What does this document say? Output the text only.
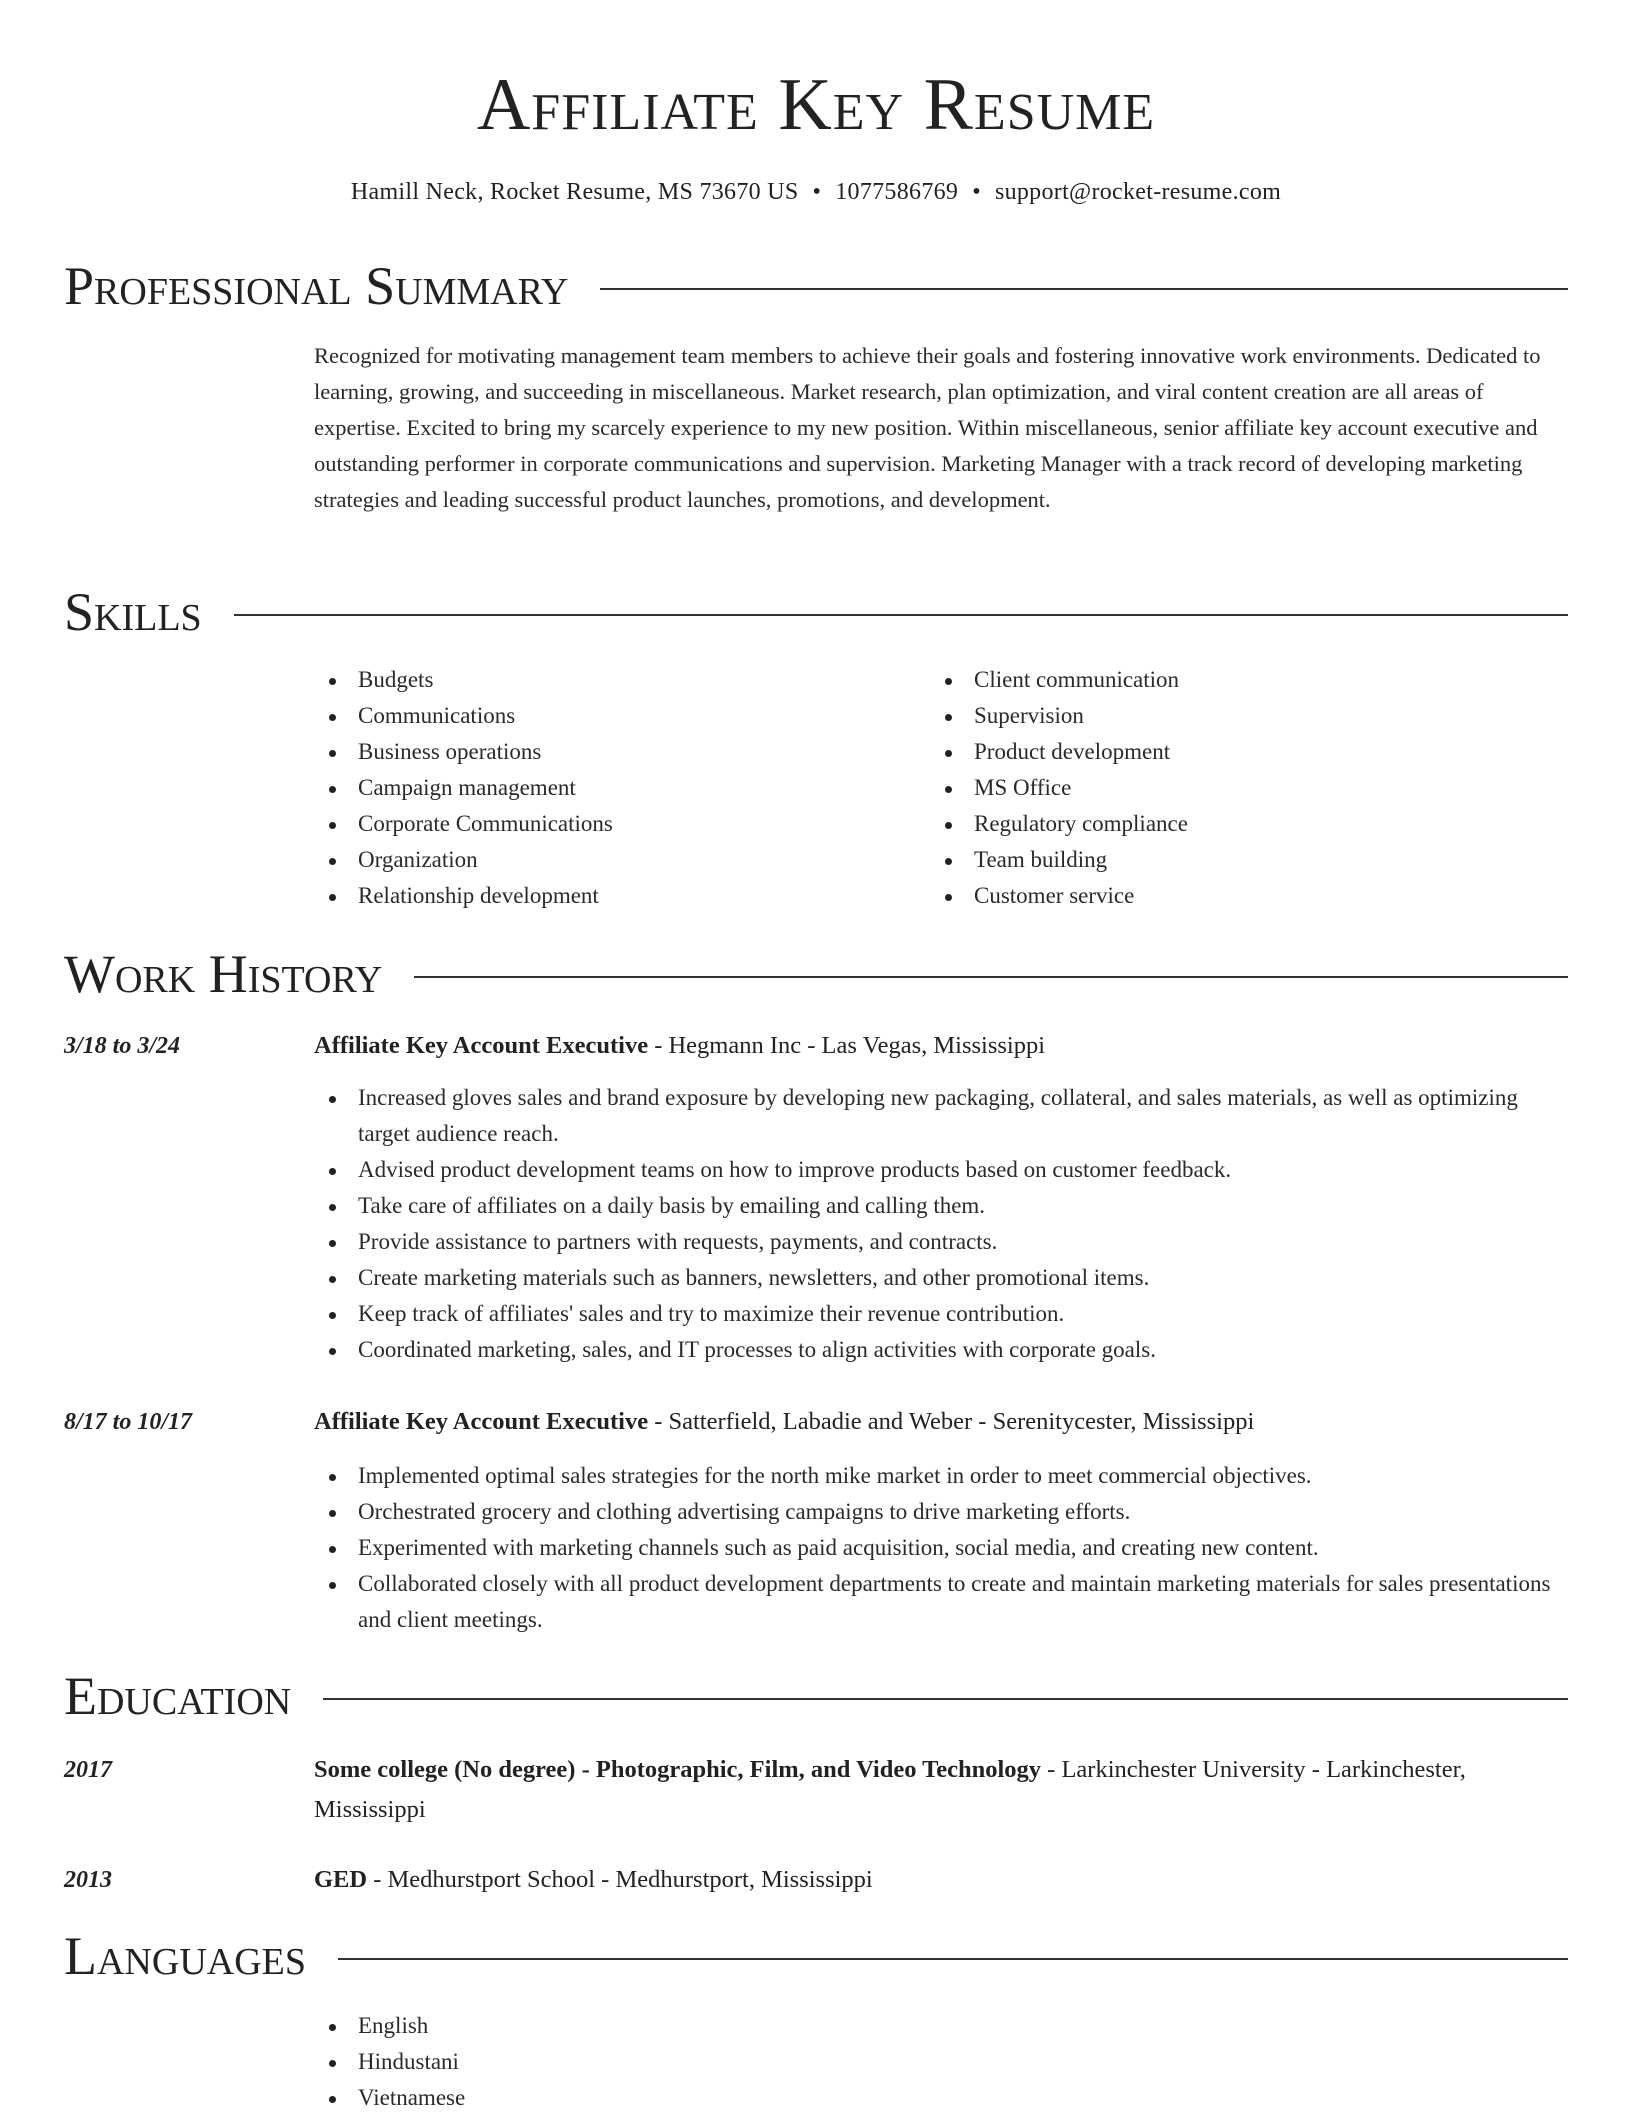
Affiliate Key Resume
Hamill Neck, Rocket Resume, MS 73670 US • 1077586769 • support@rocket-resume.com
Professional Summary
Recognized for motivating management team members to achieve their goals and fostering innovative work environments. Dedicated to learning, growing, and succeeding in miscellaneous. Market research, plan optimization, and viral content creation are all areas of expertise. Excited to bring my scarcely experience to my new position. Within miscellaneous, senior affiliate key account executive and outstanding performer in corporate communications and supervision. Marketing Manager with a track record of developing marketing strategies and leading successful product launches, promotions, and development.
Skills
Budgets
Communications
Business operations
Campaign management
Corporate Communications
Organization
Relationship development
Client communication
Supervision
Product development
MS Office
Regulatory compliance
Team building
Customer service
Work History
3/18 to 3/24	Affiliate Key Account Executive - Hegmann Inc - Las Vegas, Mississippi
Increased gloves sales and brand exposure by developing new packaging, collateral, and sales materials, as well as optimizing target audience reach.
Advised product development teams on how to improve products based on customer feedback.
Take care of affiliates on a daily basis by emailing and calling them.
Provide assistance to partners with requests, payments, and contracts.
Create marketing materials such as banners, newsletters, and other promotional items.
Keep track of affiliates' sales and try to maximize their revenue contribution.
Coordinated marketing, sales, and IT processes to align activities with corporate goals.
8/17 to 10/17	Affiliate Key Account Executive - Satterfield, Labadie and Weber - Serenitycester, Mississippi
Implemented optimal sales strategies for the north mike market in order to meet commercial objectives.
Orchestrated grocery and clothing advertising campaigns to drive marketing efforts.
Experimented with marketing channels such as paid acquisition, social media, and creating new content.
Collaborated closely with all product development departments to create and maintain marketing materials for sales presentations and client meetings.
Education
2017	Some college (No degree) - Photographic, Film, and Video Technology - Larkinchester University - Larkinchester, Mississippi
2013	GED - Medhurstport School - Medhurstport, Mississippi
Languages
English
Hindustani
Vietnamese
